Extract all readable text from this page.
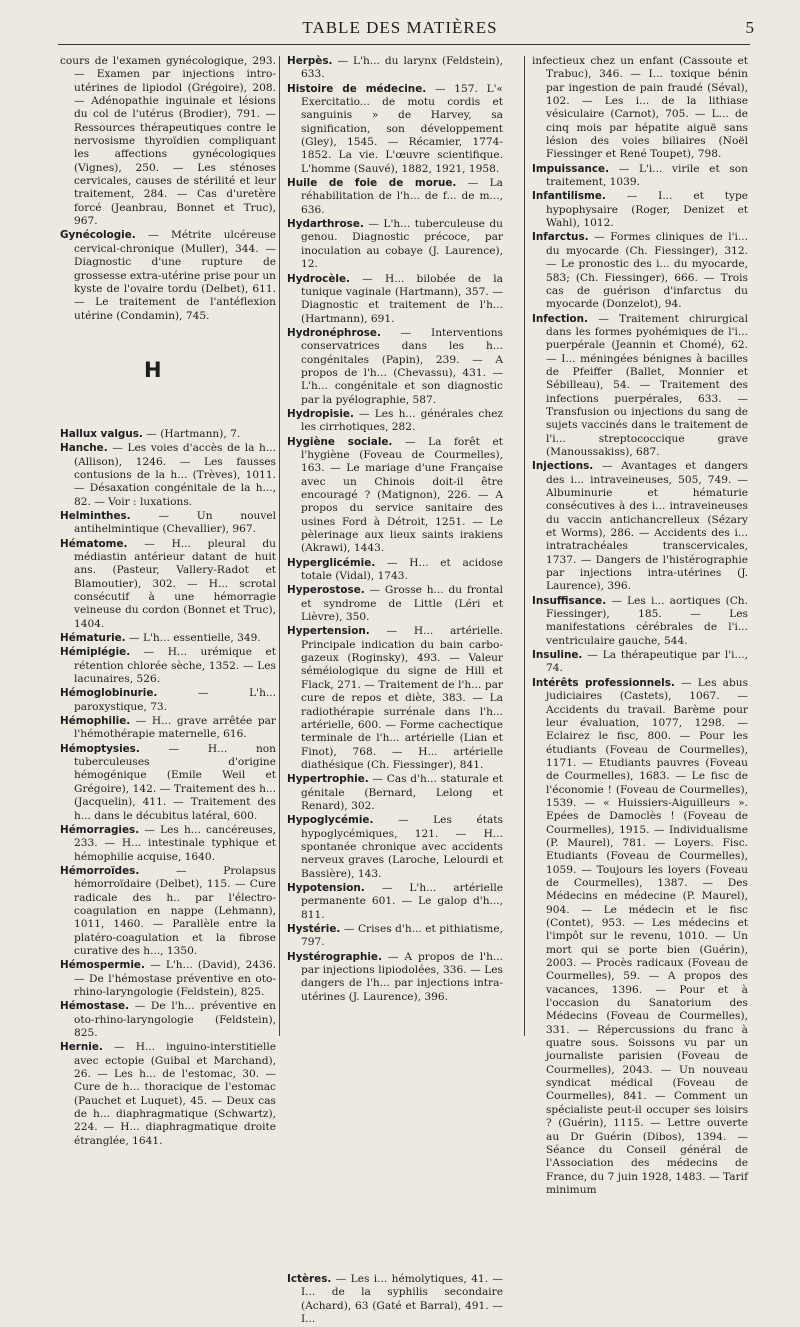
TABLE DES MATIÈRES	5

cours de l'examen gynécologique, 293. — Examen par injections intro-utérines de lipiodol (Grégoire), 208. — Adénopathie inguinale et lésions du col de l'utérus (Brodier), 791. — Ressources thérapeutiques contre le nervosisme thyroïdien compliquant les affections gynécologiques (Vignes), 250. — Les sténoses cervicales, causes de stérilité et leur traitement, 284. — Cas d'uretère forcé (Jeanbrau, Bonnet et Truc), 967.

Gynécologie. — Métrite ulcéreuse cervical-chronique (Muller), 344. — Diagnostic d'une rupture de grossesse extra-utérine prise pour un kyste de l'ovaire tordu (Delbet), 611. — Le traitement de l'antéflexion utérine (Condamin), 745.

H

Hallux valgus. — (Hartmann), 7.

Hanche. — Les voies d'accès de la h... (Allison), 1246. — Les fausses contusions de la h... (Trèves), 1011. — Désaxation congénitale de la h..., 82. — Voir : luxations.

Helminthes. — Un nouvel antihelmintique (Chevallier), 967.

Hématome. — H... pleural du médiastin antérieur datant de huit ans. (Pasteur, Vallery-Radot et Blamoutier), 302. — H... scrotal consécutif à une hémorragie veineuse du cordon (Bonnet et Truc), 1404.

Hématurie. — L'h... essentielle, 349.

Hémiplégie. — H... urémique et rétention chlorée sèche, 1352. — Les lacunaires, 526.

Hémoglobinurie. — L'h... paroxystique, 73.

Hémophilie. — H... grave arrêtée par l'hémothérapie maternelle, 616.

Hémoptysies. — H... non tuberculeuses d'origine hémogénique (Emile Weil et Grégoire), 142. — Traitement des h... (Jacquelin), 411. — Traitement des h... dans le décubitus latéral, 600.

Hémorragies. — Les h... cancéreuses, 233. — H... intestinale typhique et hémophilie acquise, 1640.

Hémorroïdes. — Prolapsus hémorroïdaire (Delbet), 115. — Cure radicale des h.. par l'électro-coagulation en nappe (Lehmann), 1011, 1460. — Parallèle entre la platéro-coagulation et la fibrose curative des h..., 1350.

Hémospermie. — L'h... (David), 2436. — De l'hémostase préventive en oto-rhino-laryngologie (Feldstein), 825.

Hémostase. — De l'h... préventive en oto-rhino-laryngologie (Feldstein), 825.

Hernie. — H... inguino-interstitielle avec ectopie (Guibal et Marchand), 26. — Les h... de l'estomac, 30. — Cure de h... thoracique de l'estomac (Pauchet et Luquet), 45. — Deux cas de h... diaphragmatique (Schwartz), 224. — H... diaphragmatique droite étranglée, 1641.

Herpès. — L'h... du larynx (Feldstein), 633.

Histoire de médecine. — 157. L'« Exercitatio... de motu cordis et sanguinis » de Harvey, sa signification, son développement (Gley), 1545. — Récamier, 1774-1852. La vie. L'œuvre scientifique. L'homme (Sauvé), 1882, 1921, 1958.

Huile de foie de morue. — La réhabilitation de l'h... de f... de m..., 636.

Hydarthrose. — L'h... tuberculeuse du genou. Diagnostic précoce, par inoculation au cobaye (J. Laurence), 12.

Hydrocèle. — H... bilobée de la tunique vaginale (Hartmann), 357. — Diagnostic et traitement de l'h... (Hartmann), 691.

Hydronéphrose. — Interventions conservatrices dans les h... congénitales (Papin), 239. — A propos de l'h... (Chevassu), 431. — L'h... congénitale et son diagnostic par la pyélographie, 587.

Hydropisie. — Les h... générales chez les cirrhotiques, 282.

Hygiène sociale. — La forêt et l'hygiène (Foveau de Courmelles), 163. — Le mariage d'une Française avec un Chinois doit-il être encouragé ? (Matignon), 226. — A propos du service sanitaire des usines Ford à Détroit, 1251. — Le pèlerinage aux lieux saints irakiens (Akrawi), 1443.

Hyperglicémie. — H... et acidose totale (Vidal), 1743.

Hyperostose. — Grosse h... du frontal et syndrome de Little (Léri et Lièvre), 350.

Hypertension. — H... artérielle. Principale indication du bain carbo-gazeux (Roginsky), 493. — Valeur séméiologique du signe de Hill et Flack, 271. — Traitement de l'h... par cure de repos et diète, 383. — La radiothérapie surrénale dans l'h... artérielle, 600. — Forme cachectique terminale de l'h... artérielle (Lian et Finot), 768. — H... artérielle diathésique (Ch. Fiessinger), 841.

Hypertrophie. — Cas d'h... staturale et génitale (Bernard, Lelong et Renard), 302.

Hypoglycémie. — Les états hypoglycémiques, 121. — H... spontanée chronique avec accidents nerveux graves (Laroche, Lelourdi et Bassière), 143.

Hypotension. — L'h... artérielle permanente 601. — Le galop d'h..., 811.

Hystérie. — Crises d'h... et pithiatisme, 797.

Hystérographie. — A propos de l'h... par injections lipiodolées, 336. — Les dangers de l'h... par injections intra-utérines (J. Laurence), 396.

Ictères. — Les i... hémolytiques, 41. — I... de la syphilis secondaire (Achard), 63 (Gaté et Barral), 491. — I...

infectieux chez un enfant (Cassoute et Trabuc), 346. — I... toxique bénin par ingestion de pain fraudé (Séval), 102. — Les i... de la lithiase vésiculaire (Carnot), 705. — L... de cinq mois par hépatite aiguë sans lésion des voies biliaires (Noël Fiessinger et René Toupet), 798.

Impuissance. — L'i... virile et son traitement, 1039.

Infantilisme. — I... et type hypophysaire (Roger, Denizet et Wahl), 1012.

Infarctus. — Formes cliniques de l'i... du myocarde (Ch. Fiessinger), 312. — Le pronostic des i... du myocarde, 583; (Ch. Fiessinger), 666. — Trois cas de guérison d'infarctus du myocarde (Donzelot), 94.

Infection. — Traitement chirurgical dans les formes pyohémiques de l'i... puerpérale (Jeannin et Chomé), 62. — I... méningées bénignes à bacilles de Pfeiffer (Ballet, Monnier et Sébilleau), 54. — Traitement des infections puerpérales, 633. — Transfusion ou injections du sang de sujets vaccinés dans le traitement de l'i... streptococcique grave (Manoussakiss), 687.

Injections. — Avantages et dangers des i... intraveineuses, 505, 749. — Albuminurie et hématurie consécutives à des i... intraveineuses du vaccin antichancrelleux (Sézary et Worms), 286. — Accidents des i... intratrachéales transcervicales, 1737. — Dangers de l'histérographie par injections intra-utérines (J. Laurence), 396.

Insuffisance. — Les i... aortiques (Ch. Fiessinger), 185. — Les manifestations cérébrales de l'i... ventriculaire gauche, 544.

Insuline. — La thérapeutique par l'i..., 74.

Intérêts professionnels. — Les abus judiciaires (Castets), 1067. — Accidents du travail. Barème pour leur évaluation, 1077, 1298. — Eclairez le fisc, 800. — Pour les étudiants (Foveau de Courmelles), 1171. — Etudiants pauvres (Foveau de Courmelles), 1683. — Le fisc de l'économie ! (Foveau de Courmelles), 1539. — « Huissiers-Aiguilleurs ». Epées de Damoclès ! (Foveau de Courmelles), 1915. — Individualisme (P. Maurel), 781. — Loyers. Fisc. Etudiants (Foveau de Courmelles), 1059. — Toujours les loyers (Foveau de Courmelles), 1387. — Des Médecins en médecine (P. Maurel), 904. — Le médecin et le fisc (Contet), 953. — Les médecins et l'impôt sur le revenu, 1010. — Un mort qui se porte bien (Guérin), 2003. — Procès radicaux (Foveau de Courmelles), 59. — A propos des vacances, 1396. — Pour et à l'occasion du Sanatorium des Médecins (Foveau de Courmelles), 331. — Répercussions du franc à quatre sous. Soissons vu par un journaliste parisien (Foveau de Courmelles), 2043. — Un nouveau syndicat médical (Foveau de Courmelles), 841. — Comment un spécialiste peut-il occuper ses loisirs ? (Guérin), 1115. — Lettre ouverte au Dr Guérin (Dibos), 1394. — Séance du Conseil général de l'Association des médecins de France, du 7 juin 1928, 1483. — Tarif minimum
